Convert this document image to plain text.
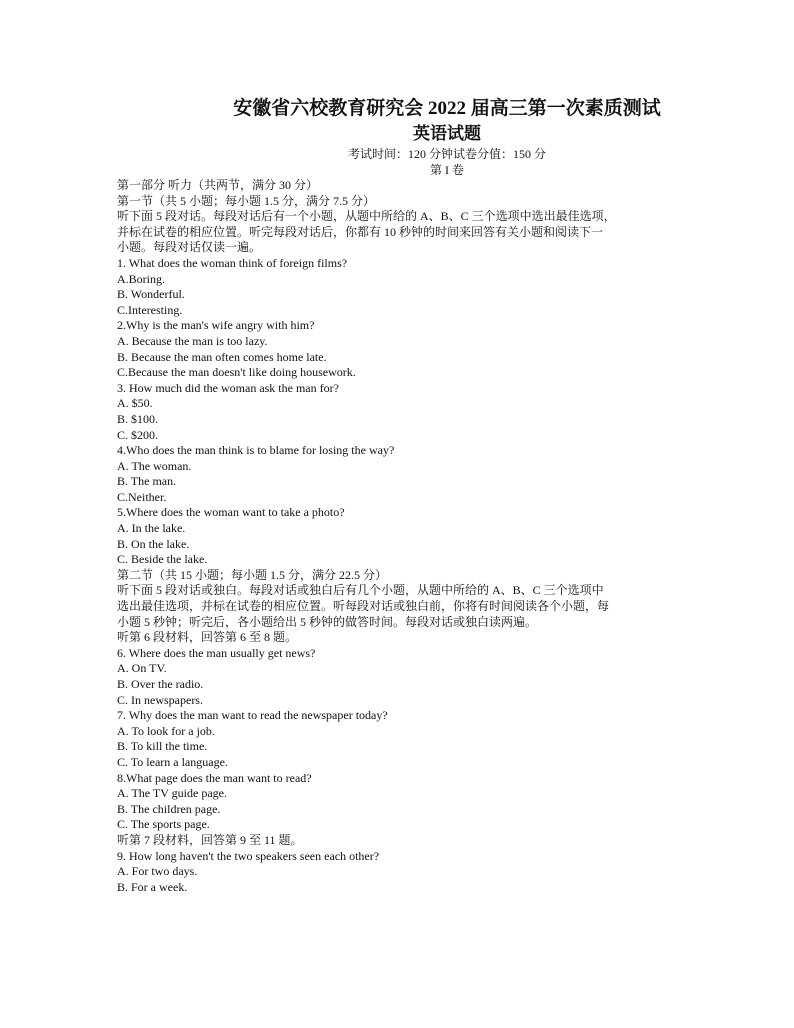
安徽省六校教育研究会 2022 届高三第一次素质测试

英语试题

考试时间：120 分钟试卷分值：150 分

第 I 卷

第一部分 听力（共两节，满分 30 分）

第一节（共 5 小题；每小题 1.5 分，满分 7.5 分）

听下面 5 段对话。每段对话后有一个小题，从题中所给的 A、B、C 三个选项中选出最佳选项，

并标在试卷的相应位置。听完每段对话后，你都有 10 秒钟的时间来回答有关小题和阅读下一

小题。每段对话仅读一遍。

1. What does the woman think of foreign films?

A.Boring.

B. Wonderful.

C.Interesting.

2.Why is the man's wife angry with him?

A. Because the man is too lazy.

B. Because the man often comes home late.

C.Because the man doesn't like doing housework.

3. How much did the woman ask the man for?

A. $50.

B. $100.

C. $200.

4.Who does the man think is to blame for losing the way?

A. The woman.

B. The man.

C.Neither.

5.Where does the woman want to take a photo?

A. In the lake.

B. On the lake.

C. Beside the lake.

第二节（共 15 小题；每小题 1.5 分，满分 22.5 分）

听下面 5 段对话或独白。每段对话或独白后有几个小题，从题中所给的 A、B、C 三个选项中

选出最佳选项，并标在试卷的相应位置。听每段对话或独白前，你将有时间阅读各个小题，每

小题 5 秒钟；听完后，各小题给出 5 秒钟的做答时间。每段对话或独白读两遍。

听第 6 段材料，回答第 6 至 8 题。

6. Where does the man usually get news?

A. On TV.

B. Over the radio.

C. In newspapers.

7. Why does the man want to read the newspaper today?

A. To look for a job.

B. To kill the time.

C. To learn a language.

8.What page does the man want to read?

A. The TV guide page.

B. The children page.

C. The sports page.

听第 7 段材料，回答第 9 至 11 题。

9. How long haven't the two speakers seen each other?

A. For two days.

B. For a week.
